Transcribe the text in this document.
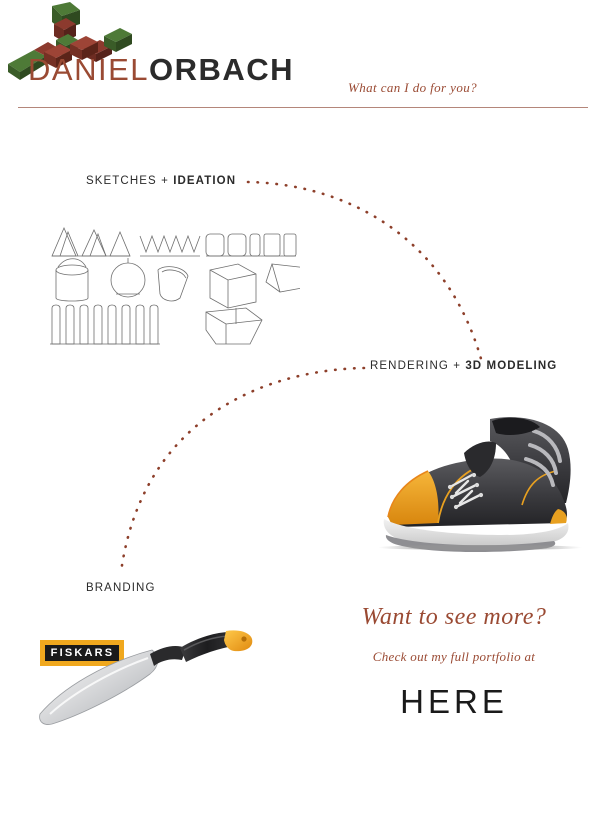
DANIELORBACH
What can I do for you?
SKETCHES + IDEATION
RENDERING + 3D MODELING
BRANDING
FISKARS
Want to see more?
Check out my full portfolio at
HERE
